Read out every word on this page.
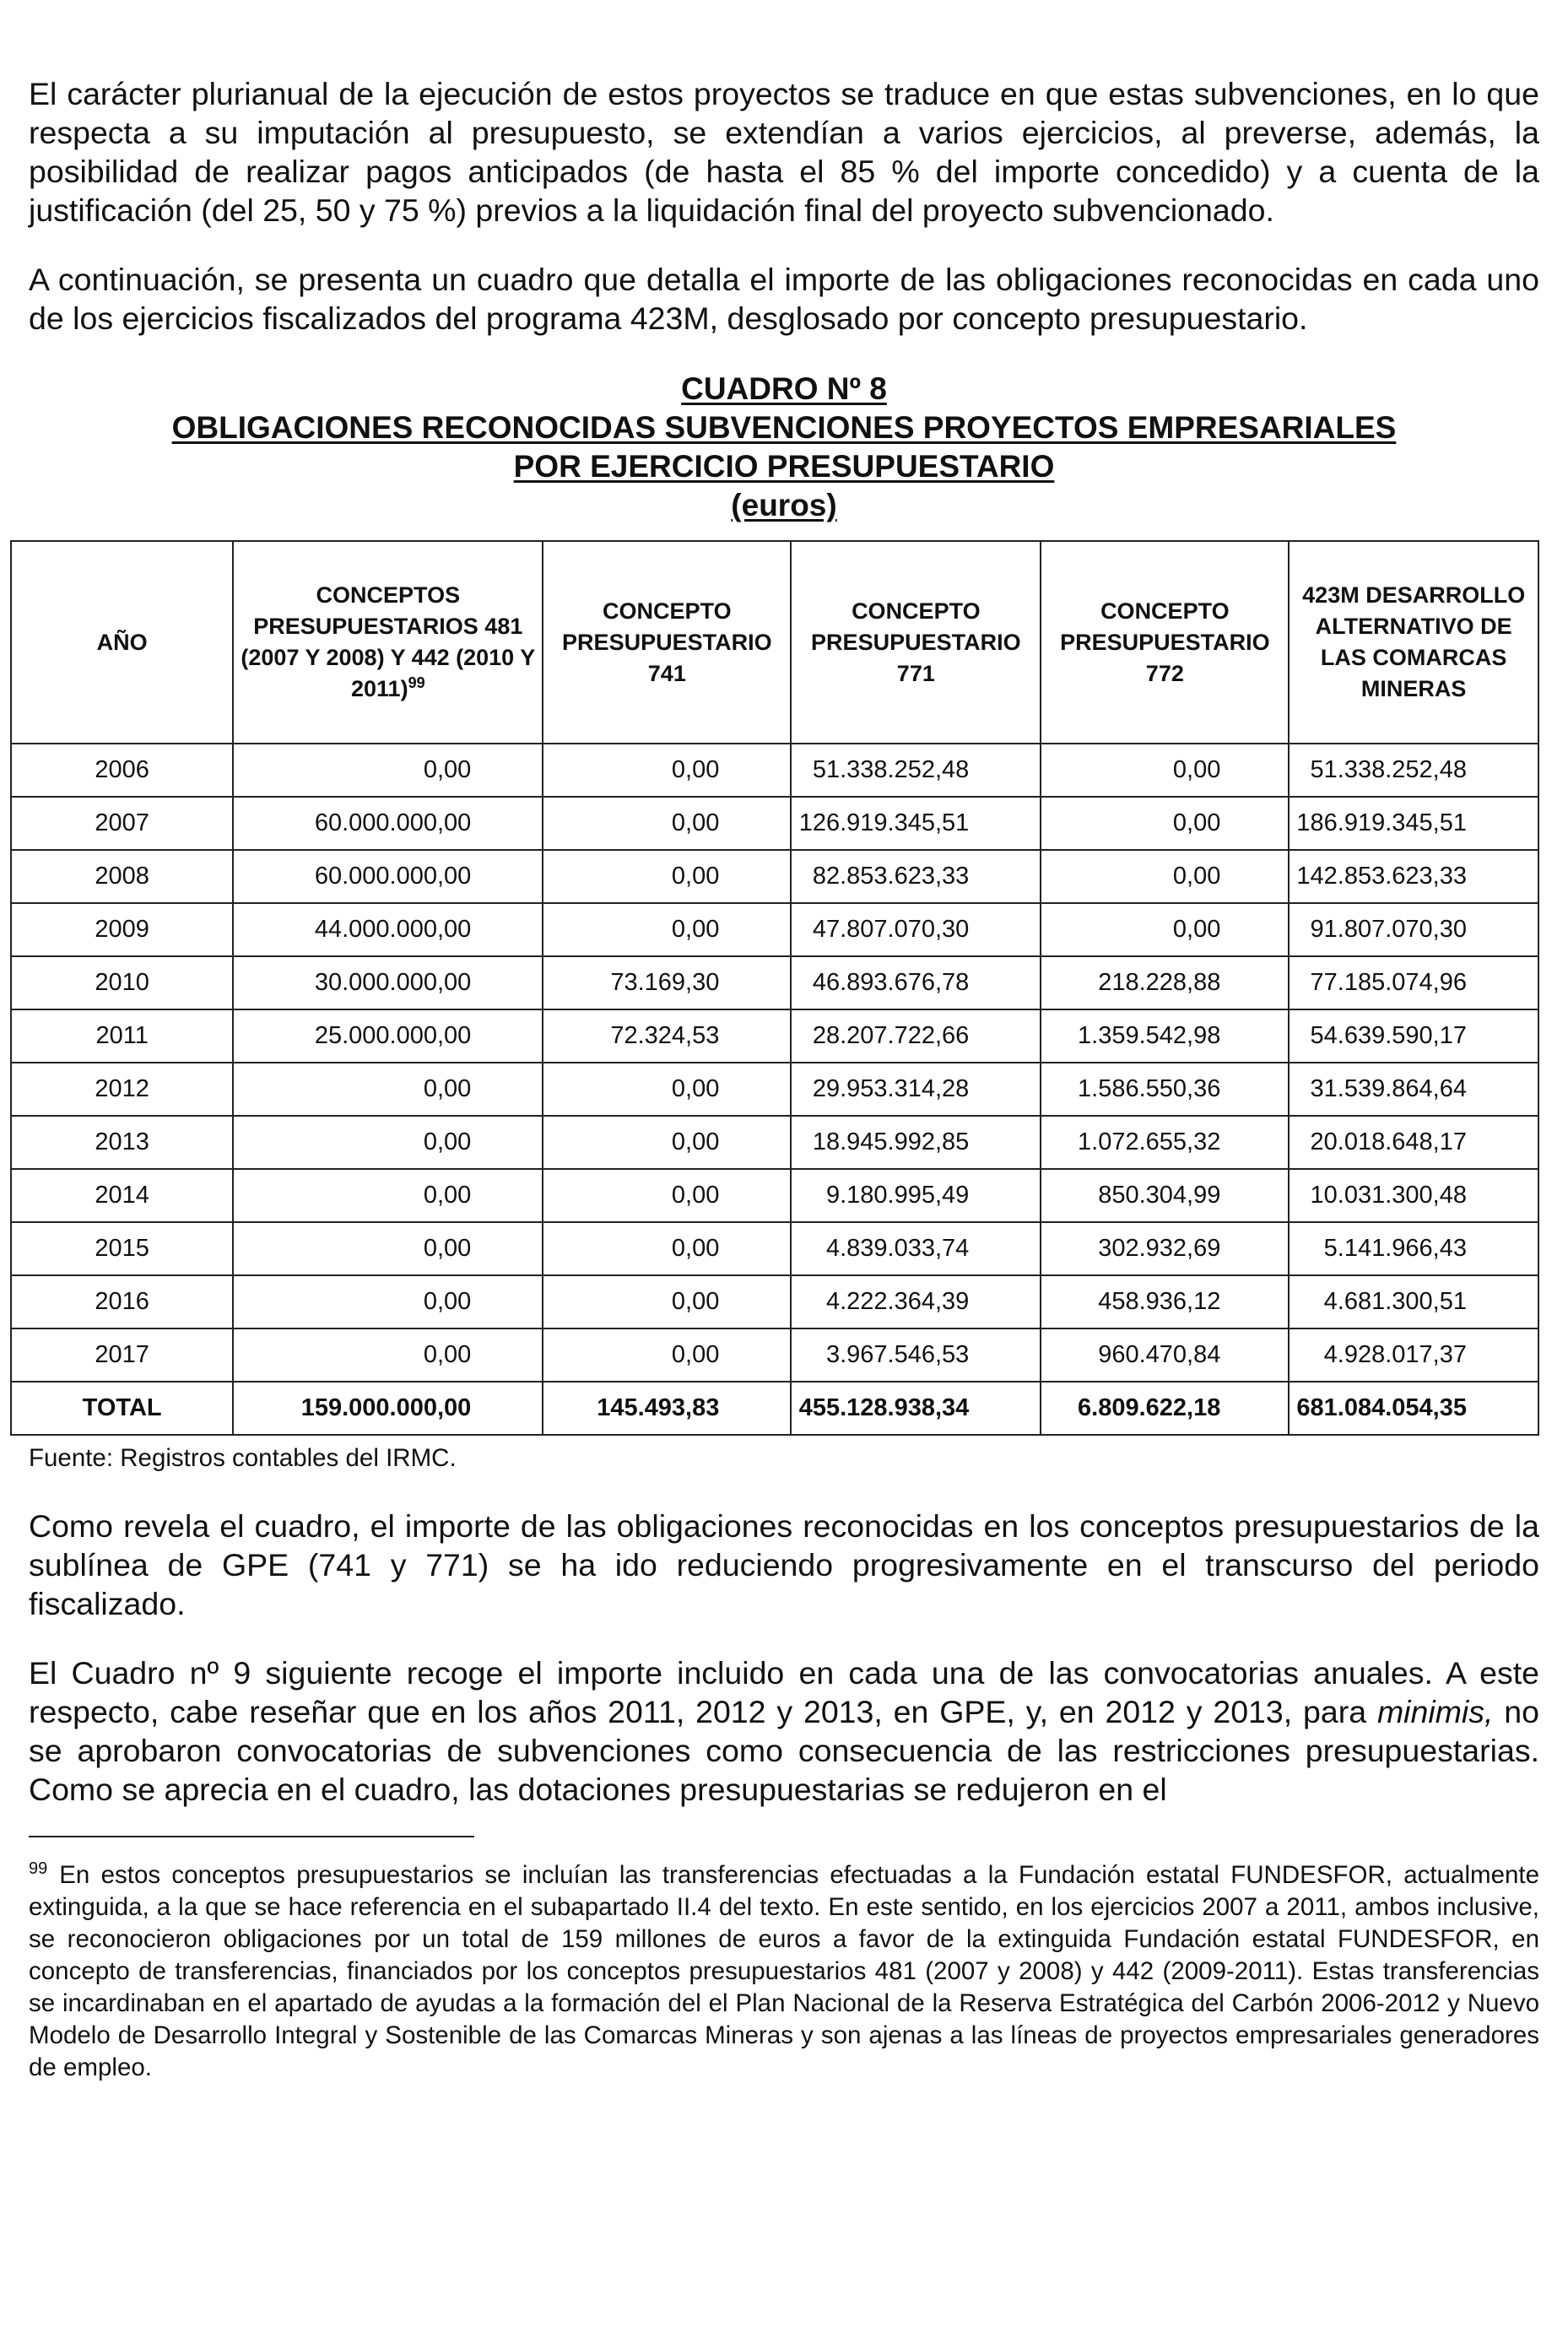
El carácter plurianual de la ejecución de estos proyectos se traduce en que estas subvenciones, en lo que respecta a su imputación al presupuesto, se extendían a varios ejercicios, al preverse, además, la posibilidad de realizar pagos anticipados (de hasta el 85 % del importe concedido) y a cuenta de la justificación (del 25, 50 y 75 %) previos a la liquidación final del proyecto subvencionado.

A continuación, se presenta un cuadro que detalla el importe de las obligaciones reconocidas en cada uno de los ejercicios fiscalizados del programa 423M, desglosado por concepto presupuestario.

CUADRO Nº 8
OBLIGACIONES RECONOCIDAS SUBVENCIONES PROYECTOS EMPRESARIALES
POR EJERCICIO PRESUPUESTARIO
(euros)
AÑO	CONCEPTOS PRESUPUESTARIOS 481 (2007 Y 2008) Y 442 (2010 Y 2011)$^{99}$	CONCEPTO PRESUPUESTARIO 741	CONCEPTO PRESUPUESTARIO 771	CONCEPTO PRESUPUESTARIO 772	423M DESARROLLO ALTERNATIVO DE LAS COMARCAS MINERAS
2006	0,00	0,00	51.338.252,48	0,00	51.338.252,48
2007	60.000.000,00	0,00	126.919.345,51	0,00	186.919.345,51
2008	60.000.000,00	0,00	82.853.623,33	0,00	142.853.623,33
2009	44.000.000,00	0,00	47.807.070,30	0,00	91.807.070,30
2010	30.000.000,00	73.169,30	46.893.676,78	218.228,88	77.185.074,96
2011	25.000.000,00	72.324,53	28.207.722,66	1.359.542,98	54.639.590,17
2012	0,00	0,00	29.953.314,28	1.586.550,36	31.539.864,64
2013	0,00	0,00	18.945.992,85	1.072.655,32	20.018.648,17
2014	0,00	0,00	9.180.995,49	850.304,99	10.031.300,48
2015	0,00	0,00	4.839.033,74	302.932,69	5.141.966,43
2016	0,00	0,00	4.222.364,39	458.936,12	4.681.300,51
2017	0,00	0,00	3.967.546,53	960.470,84	4.928.017,37
TOTAL	159.000.000,00	145.493,83	455.128.938,34	6.809.622,18	681.084.054,35
Fuente: Registros contables del IRMC.

Como revela el cuadro, el importe de las obligaciones reconocidas en los conceptos presupuestarios de la sublínea de GPE (741 y 771) se ha ido reduciendo progresivamente en el transcurso del periodo fiscalizado.

El Cuadro nº 9 siguiente recoge el importe incluido en cada una de las convocatorias anuales. A este respecto, cabe reseñar que en los años 2011, 2012 y 2013, en GPE, y, en 2012 y 2013, para minimis, no se aprobaron convocatorias de subvenciones como consecuencia de las restricciones presupuestarias. Como se aprecia en el cuadro, las dotaciones presupuestarias se redujeron en el

$^{99}$ En estos conceptos presupuestarios se incluían las transferencias efectuadas a la Fundación estatal FUNDESFOR, actualmente extinguida, a la que se hace referencia en el subapartado II.4 del texto. En este sentido, en los ejercicios 2007 a 2011, ambos inclusive, se reconocieron obligaciones por un total de 159 millones de euros a favor de la extinguida Fundación estatal FUNDESFOR, en concepto de transferencias, financiados por los conceptos presupuestarios 481 (2007 y 2008) y 442 (2009-2011). Estas transferencias se incardinaban en el apartado de ayudas a la formación del el Plan Nacional de la Reserva Estratégica del Carbón 2006-2012 y Nuevo Modelo de Desarrollo Integral y Sostenible de las Comarcas Mineras y son ajenas a las líneas de proyectos empresariales generadores de empleo.
